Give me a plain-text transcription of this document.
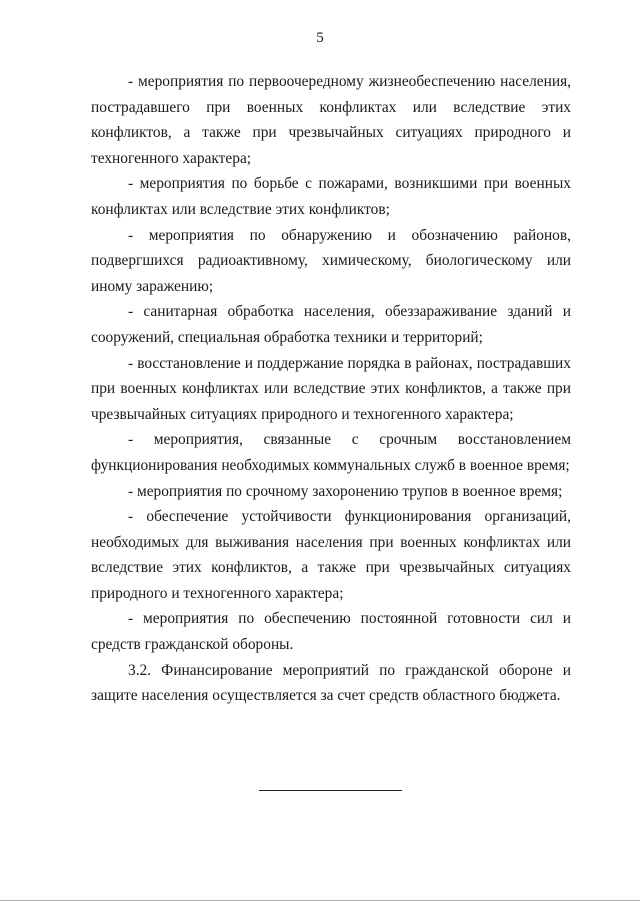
5

- мероприятия по первоочередному жизнеобеспечению населения, пострадавшего при военных конфликтах или вследствие этих конфликтов, а также при чрезвычайных ситуациях природного и техногенного характера;

- мероприятия по борьбе с пожарами, возникшими при военных конфликтах или вследствие этих конфликтов;

- мероприятия по обнаружению и обозначению районов, подвергшихся радиоактивному, химическому, биологическому или иному заражению;

- санитарная обработка населения, обеззараживание зданий и сооружений, специальная обработка техники и территорий;

- восстановление и поддержание порядка в районах, пострадавших при военных конфликтах или вследствие этих конфликтов, а также при чрезвычайных ситуациях природного и техногенного характера;

- мероприятия, связанные с срочным восстановлением функционирования необходимых коммунальных служб в военное время;

- мероприятия по срочному захоронению трупов в военное время;

- обеспечение устойчивости функционирования организаций, необходимых для выживания населения при военных конфликтах или вследствие этих конфликтов, а также при чрезвычайных ситуациях природного и техногенного характера;

- мероприятия по обеспечению постоянной готовности сил и средств гражданской обороны.

3.2. Финансирование мероприятий по гражданской обороне и защите населения осуществляется за счет средств областного бюджета.
